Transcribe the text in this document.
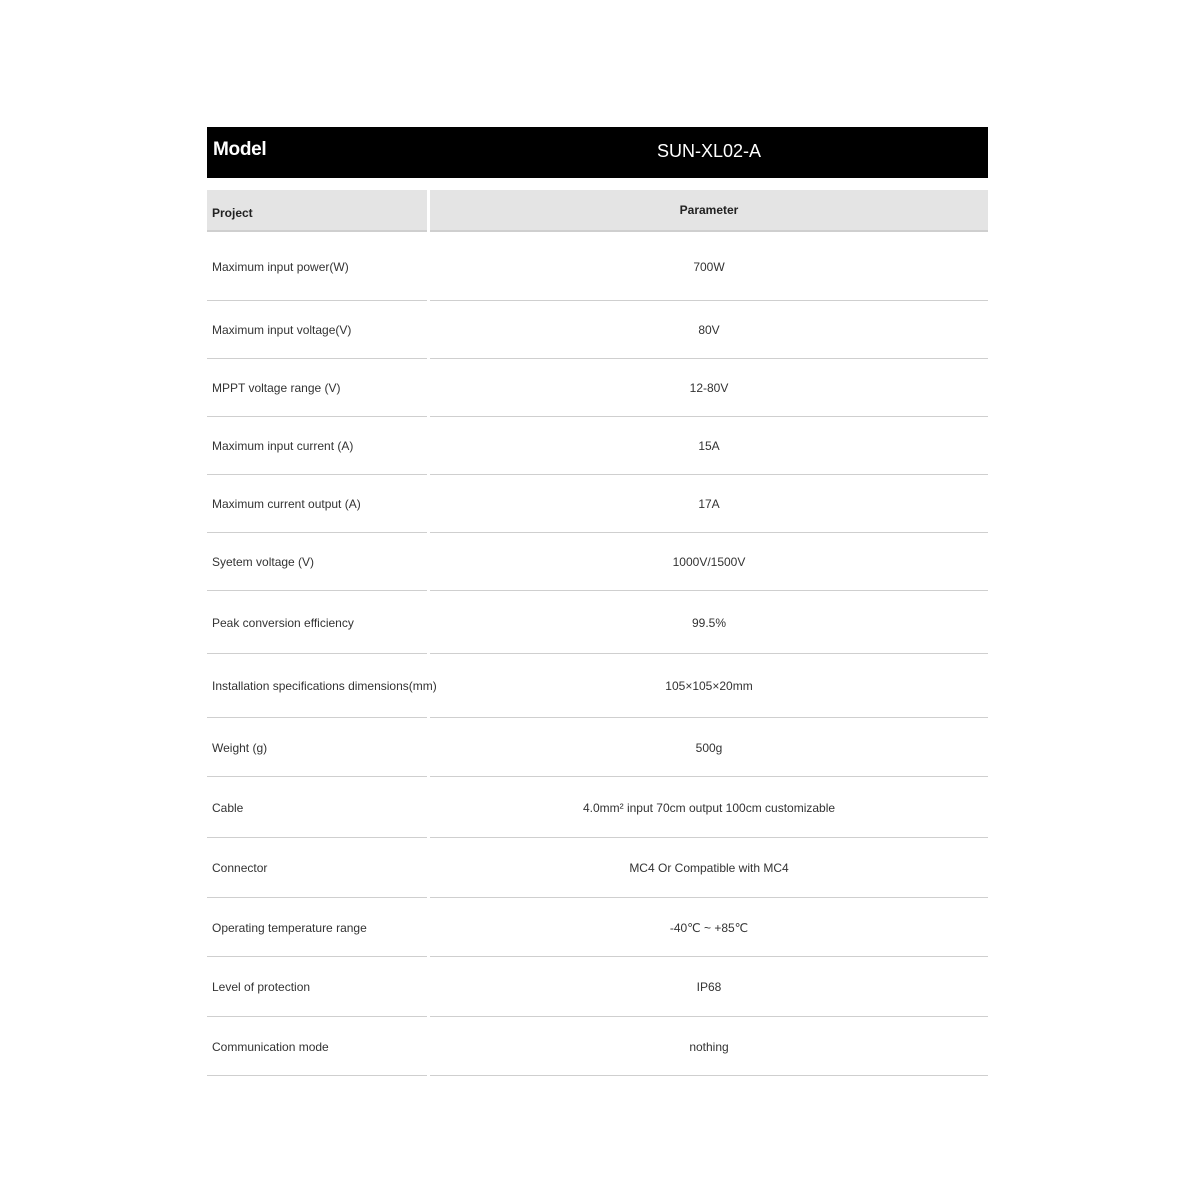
Model	SUN-XL02-A
Project	Parameter
Maximum input power(W)	700W
Maximum input voltage(V)	80V
MPPT voltage range (V)	12-80V
Maximum input current (A)	15A
Maximum current output (A)	17A
Syetem voltage (V)	1000V/1500V
Peak conversion efficiency	99.5%
Installation specifications dimensions(mm)	105×105×20mm
Weight (g)	500g
Cable	4.0mm² input 70cm output 100cm customizable
Connector	MC4 Or Compatible with MC4
Operating temperature range	-40℃ ~ +85℃
Level of protection	IP68
Communication mode	nothing
